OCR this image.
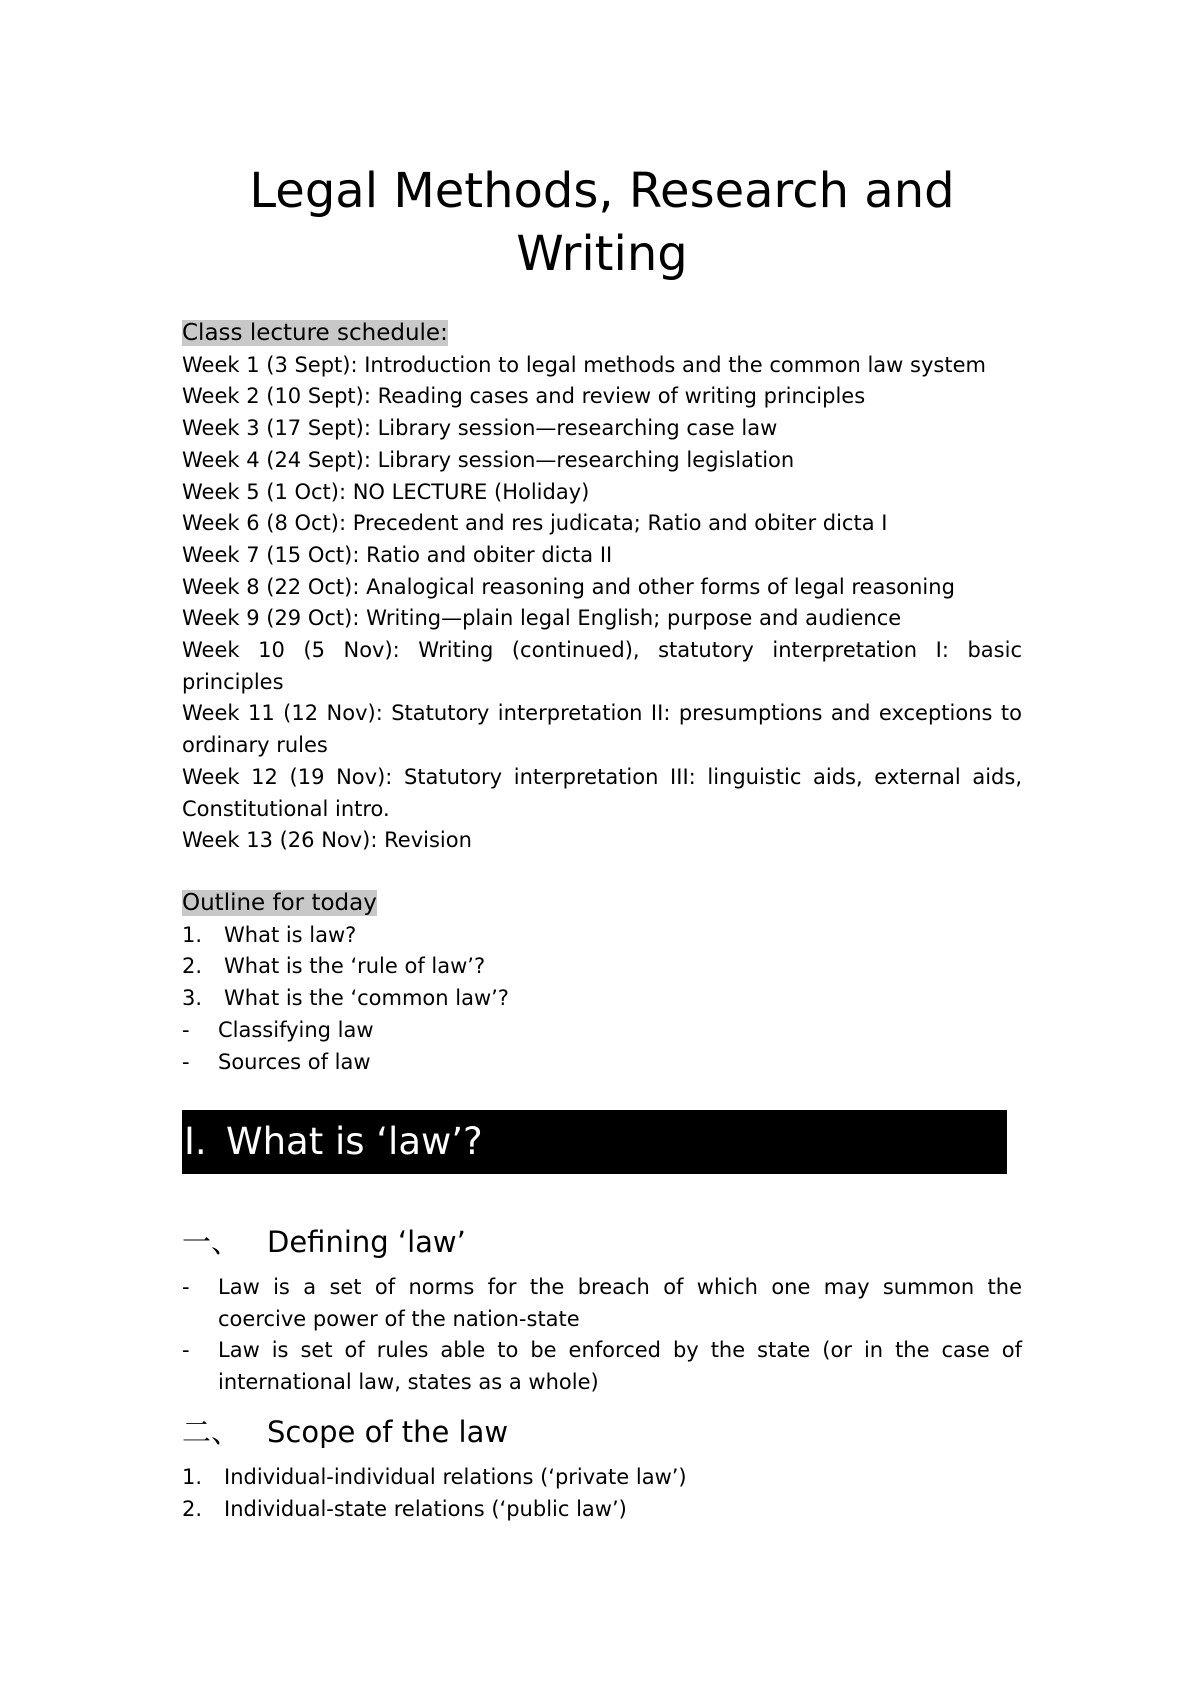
Legal Methods, Research and Writing
Class lecture schedule:
Week 1 (3 Sept): Introduction to legal methods and the common law system
Week 2 (10 Sept): Reading cases and review of writing principles
Week 3 (17 Sept): Library session—researching case law
Week 4 (24 Sept): Library session—researching legislation
Week 5 (1 Oct): NO LECTURE (Holiday)
Week 6 (8 Oct): Precedent and res judicata; Ratio and obiter dicta I
Week 7 (15 Oct): Ratio and obiter dicta II
Week 8 (22 Oct): Analogical reasoning and other forms of legal reasoning
Week 9 (29 Oct): Writing—plain legal English; purpose and audience
Week 10 (5 Nov): Writing (continued), statutory interpretation I: basic principles
Week 11 (12 Nov): Statutory interpretation II: presumptions and exceptions to ordinary rules
Week 12 (19 Nov): Statutory interpretation III: linguistic aids, external aids, Constitutional intro.
Week 13 (26 Nov): Revision
Outline for today
1.	What is law?
2.	What is the ‘rule of law’?
3.	What is the ‘common law’?
-	Classifying law
-	Sources of law
I. What is ‘law’?
一、 Defining ‘law’
-	Law is a set of norms for the breach of which one may summon the coercive power of the nation-state
-	Law is set of rules able to be enforced by the state (or in the case of international law, states as a whole)
二、 Scope of the law
1.	Individual-individual relations (‘private law’)
2.	Individual-state relations (‘public law’)
